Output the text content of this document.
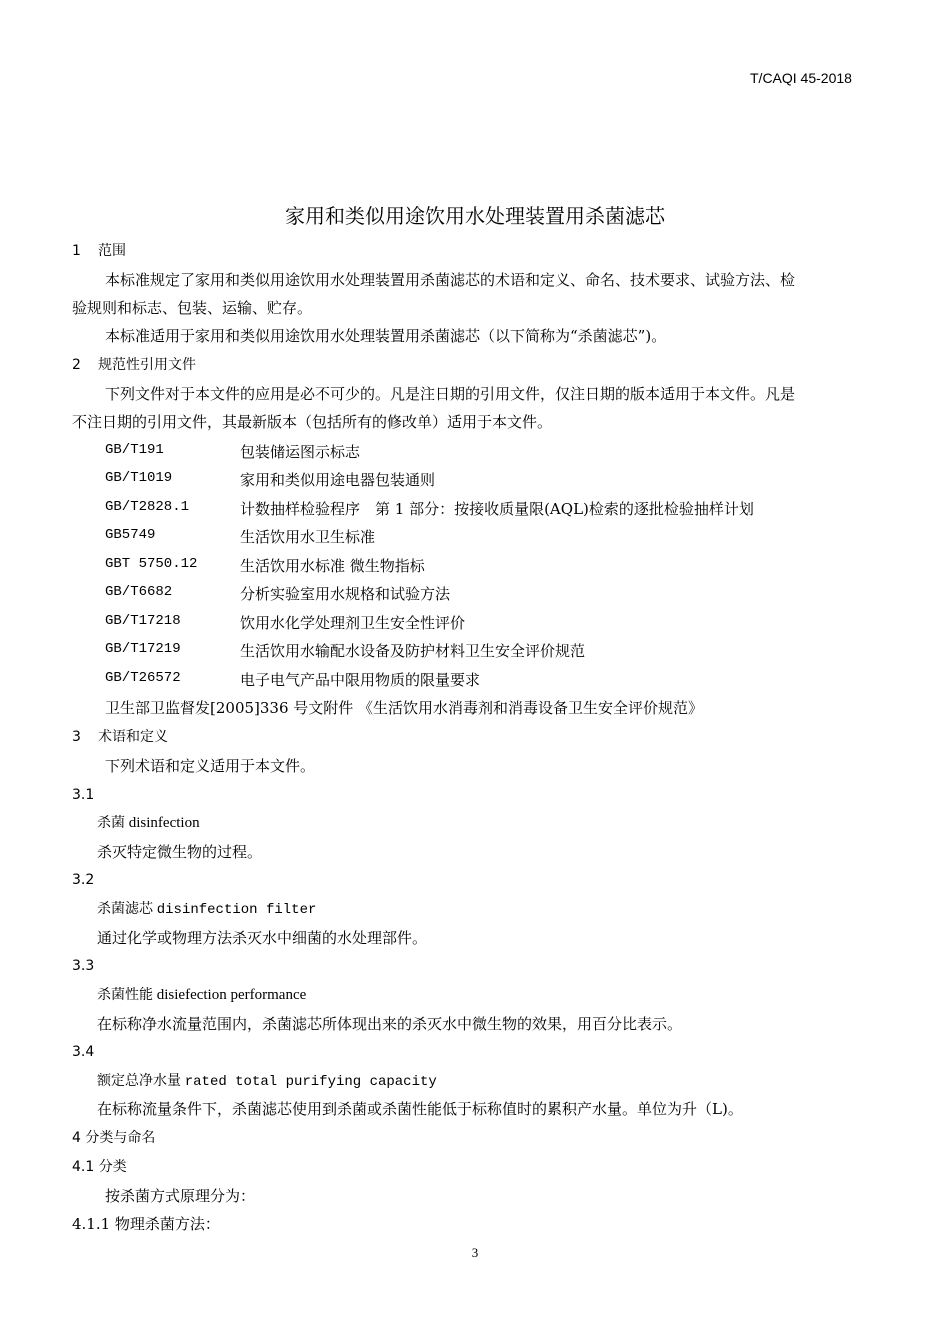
T/CAQI 45-2018
家用和类似用途饮用水处理装置用杀菌滤芯
1 范围
本标准规定了家用和类似用途饮用水处理装置用杀菌滤芯的术语和定义、命名、技术要求、试验方法、检
验规则和标志、包装、运输、贮存。
本标准适用于家用和类似用途饮用水处理装置用杀菌滤芯（以下简称为“杀菌滤芯”)。
2 规范性引用文件
下列文件对于本文件的应用是必不可少的。凡是注日期的引用文件，仅注日期的版本适用于本文件。凡是
不注日期的引用文件，其最新版本（包括所有的修改单）适用于本文件。
GB/T191	包装储运图示标志
GB/T1019	家用和类似用途电器包装通则
GB/T2828.1	计数抽样检验程序　第 1 部分：按接收质量限(AQL)检索的逐批检验抽样计划
GB5749	生活饮用水卫生标准
GBT 5750.12	生活饮用水标准 微生物指标
GB/T6682	分析实验室用水规格和试验方法
GB/T17218	饮用水化学处理剂卫生安全性评价
GB/T17219	生活饮用水输配水设备及防护材料卫生安全评价规范
GB/T26572	电子电气产品中限用物质的限量要求
卫生部卫监督发[2005]336 号文附件 《生活饮用水消毒剂和消毒设备卫生安全评价规范》
3 术语和定义
下列术语和定义适用于本文件。
3.1
杀菌 disinfection
杀灭特定微生物的过程。
3.2
杀菌滤芯 disinfection filter
通过化学或物理方法杀灭水中细菌的水处理部件。
3.3
杀菌性能 disiefection performance
在标称净水流量范围内，杀菌滤芯所体现出来的杀灭水中微生物的效果，用百分比表示。
3.4
额定总净水量 rated total purifying capacity
在标称流量条件下，杀菌滤芯使用到杀菌或杀菌性能低于标称值时的累积产水量。单位为升（L)。
4 分类与命名
4.1 分类
按杀菌方式原理分为：
4.1.1 物理杀菌方法：
3
